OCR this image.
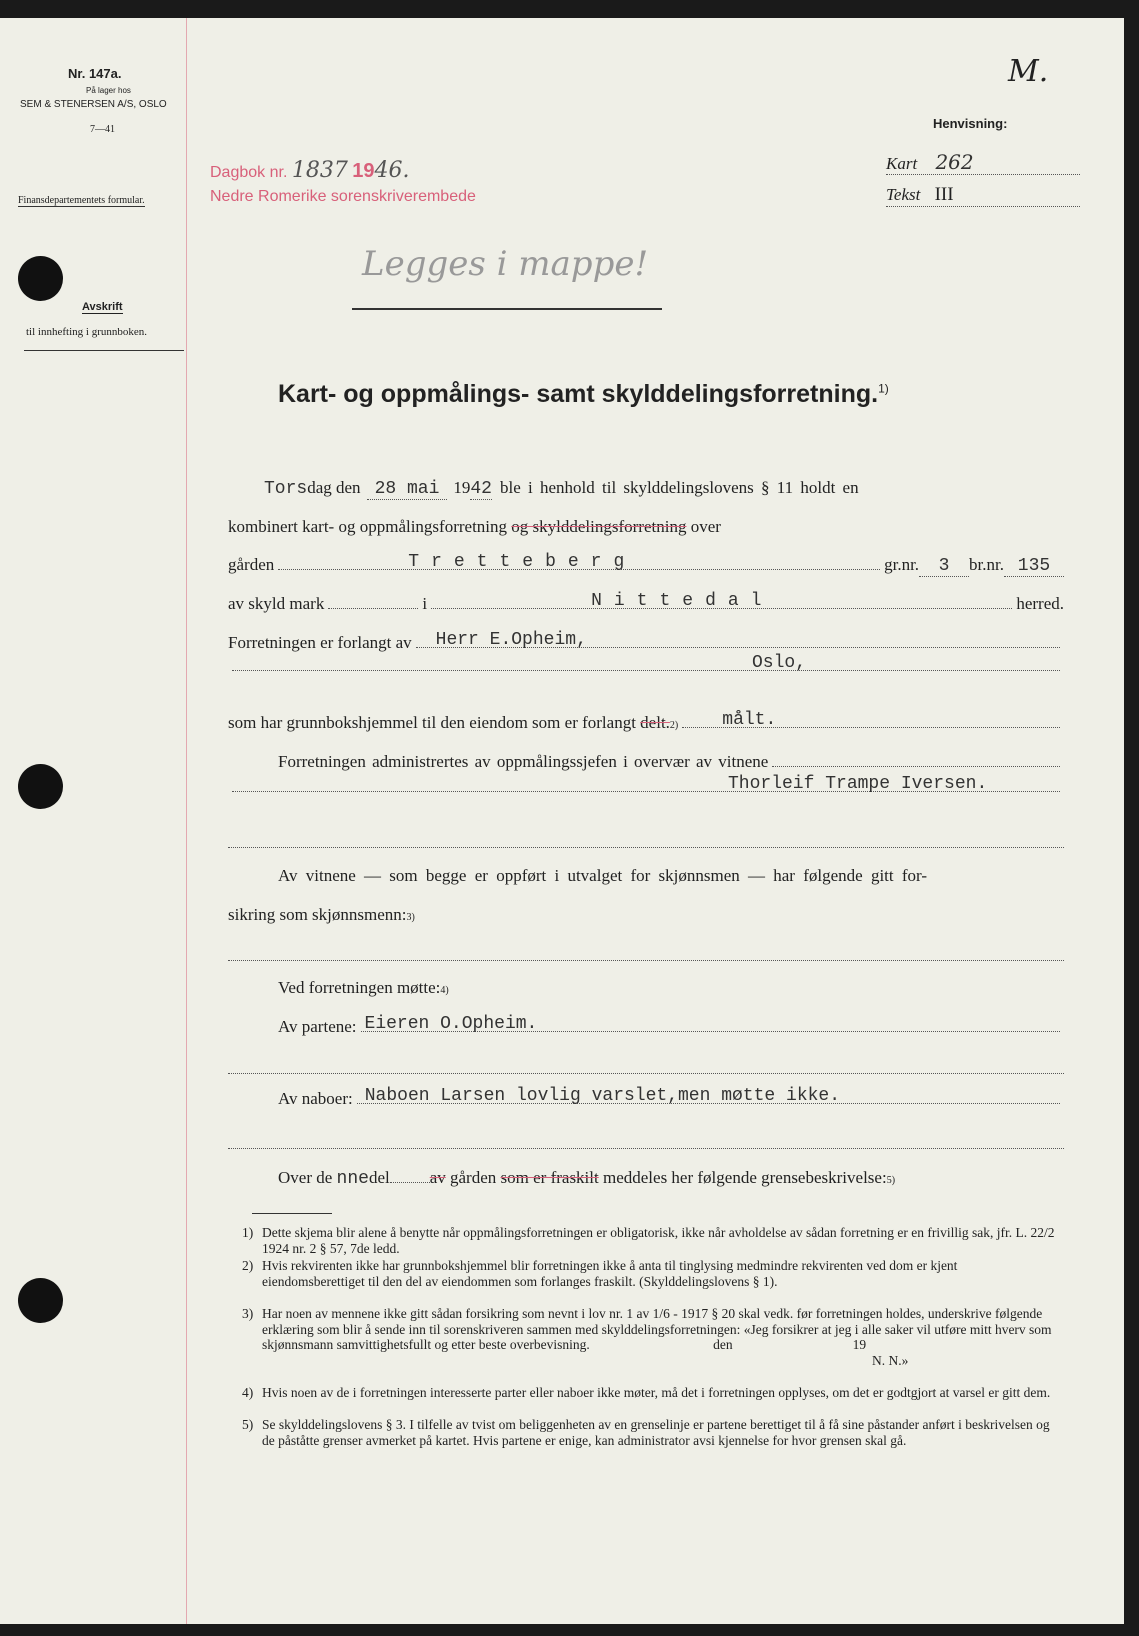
Nr. 147a.
På lager hos
SEM & STENERSEN A/S, OSLO
7—41
Finansdepartementets formular.
Avskrift
til innhefting i grunnboken.
Dagbok nr. 1837 1946.
Nedre Romerike sorenskriverembede
M.
Henvisning:
Kart 262
Tekst III
Legges i mappe!
Kart- og oppmålings- samt skylddelingsforretning.$^{1)}$
Tors dag den 28 mai 19 42 ble i henhold til skylddelingslovens § 11 holdt en
kombinert kart- og oppmålingsforretning
og skylddelingsforretning
over
gården	Tretteberg	gr.nr.	3	br.nr. 135
av skyld mark	i	Nittedal	herred.
Forretningen er forlangt av Herr E.Opheim,
Oslo,
som har grunnbokshjemmel til den eiendom som er forlangt
delt. 2) målt.
Forretningen administrertes av oppmålingssjefen i overvær av vitnene
Thorleif Trampe Iversen.
Av vitnene — som begge er oppført i utvalget for skjønnsmen — har følgende gitt for-
sikring som skjønnsmenn: 3)
Ved forretningen møtte: 4)
Av partene: Eieren O.Opheim.
Av naboer: Naboen Larsen lovlig varslet,men møtte ikke.
Over de
nne del av
gården
som er fraskilt
meddeles her følgende grensebeskrivelse: 5)
1) Dette skjema blir alene å benytte når oppmålingsforretningen er obligatorisk, ikke når avholdelse av sådan forretning er en frivillig sak, jfr. L. 22/2 1924 nr. 2 § 57, 7de ledd.
2) Hvis rekvirenten ikke har grunnbokshjemmel blir forretningen ikke å anta til tinglysing medmindre rekvirenten ved dom er kjent eiendomsberettiget til den del av eiendommen som forlanges fraskilt. (Skylddelingslovens § 1).
3) Har noen av mennene ikke gitt sådan forsikring som nevnt i lov nr. 1 av 1/6 - 1917 § 20 skal vedk. før forretningen holdes, underskrive følgende erklæring som blir å sende inn til sorenskriveren sammen med skylddelingsforretningen: «Jeg forsikrer at jeg i alle saker vil utføre mitt hverv som skjønnsmann samvittighetsfullt og etter beste overbevisning.	den	19
N. N.»
4) Hvis noen av de i forretningen interesserte parter eller naboer ikke møter, må det i forretningen opplyses, om det er godtgjort at varsel er gitt dem.
5) Se skylddelingslovens § 3. I tilfelle av tvist om beliggenheten av en grenselinje er partene berettiget til å få sine påstander anført i beskrivelsen og de påståtte grenser avmerket på kartet. Hvis partene er enige, kan administrator avsi kjennelse for hvor grensen skal gå.
